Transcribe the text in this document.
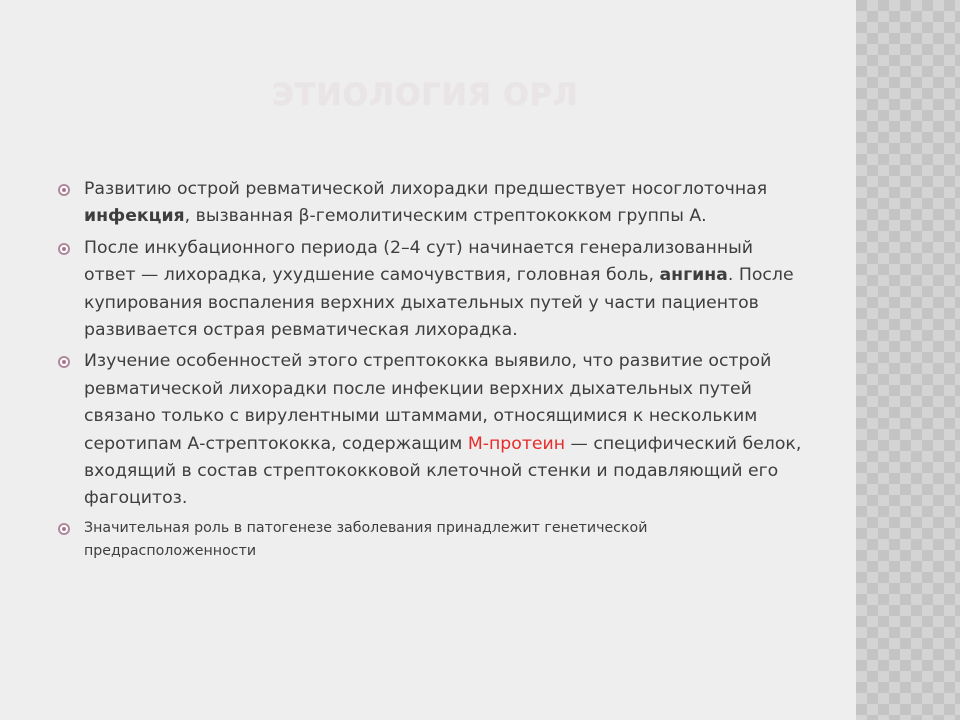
ЭТИОЛОГИЯ ОРЛ
Развитию острой ревматической лихорадки предшествует носоглоточная инфекция, вызванная β-гемолитическим стрептококком группы А.
После инкубационного периода (2–4 сут) начинается генерализованный ответ — лихорадка, ухудшение самочувствия, головная боль, ангина. После купирования воспаления верхних дыхательных путей у части пациентов развивается острая ревматическая лихорадка.
Изучение особенностей этого стрептококка выявило, что развитие острой ревматической лихорадки после инфекции верхних дыхательных путей связано только с вирулентными штаммами, относящимися к нескольким серотипам А-стрептококка, содержащим М-протеин — специфический белок, входящий в состав стрептококковой клеточной стенки и подавляющий его фагоцитоз.
Значительная роль в патогенезе заболевания принадлежит генетической предрасположенности
